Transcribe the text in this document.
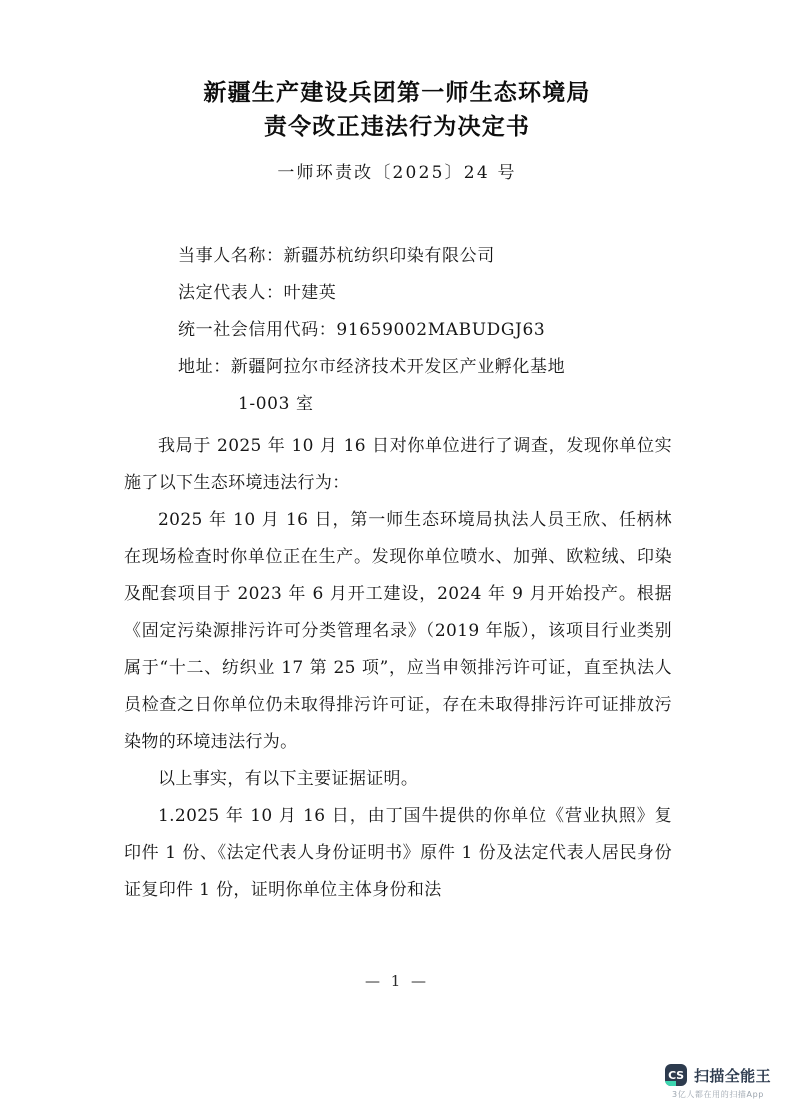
新疆生产建设兵团第一师生态环境局
责令改正违法行为决定书
一师环责改〔2025〕24 号
当事人名称：新疆苏杭纺织印染有限公司
法定代表人：叶建英
统一社会信用代码：91659002MABUDGJ63
地址：新疆阿拉尔市经济技术开发区产业孵化基地
1-003 室

我局于 2025 年 10 月 16 日对你单位进行了调查，发现你单位实施了以下生态环境违法行为：

2025 年 10 月 16 日，第一师生态环境局执法人员王欣、任柄林在现场检查时你单位正在生产。发现你单位喷水、加弹、欧粒绒、印染及配套项目于 2023 年 6 月开工建设，2024 年 9 月开始投产。根据《固定污染源排污许可分类管理名录》（2019 年版），该项目行业类别属于“十二、纺织业 17 第 25 项”，应当申领排污许可证，直至执法人员检查之日你单位仍未取得排污许可证，存在未取得排污许可证排放污染物的环境违法行为。

以上事实，有以下主要证据证明。

1.2025 年 10 月 16 日，由丁国牛提供的你单位《营业执照》复印件 1 份、《法定代表人身份证明书》原件 1 份及法定代表人居民身份证复印件 1 份，证明你单位主体身份和法

— 1 —
CS 扫描全能王
3亿人都在用的扫描App
